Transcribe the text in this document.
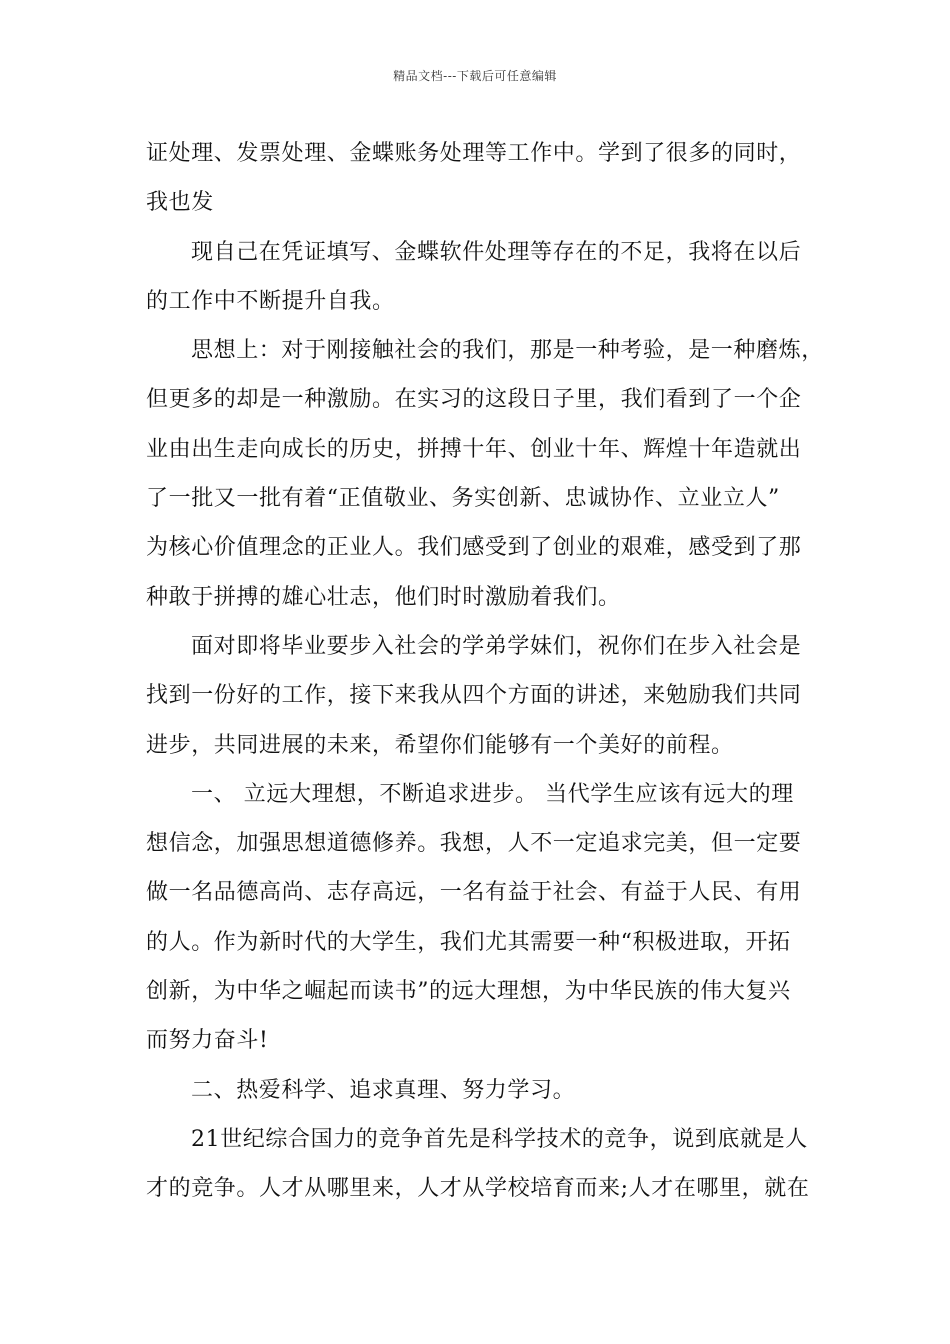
精品文档---下载后可任意编辑
证处理、发票处理、金蝶账务处理等工作中。学到了很多的同时，
我也发
现自己在凭证填写、金蝶软件处理等存在的不足，我将在以后
的工作中不断提升自我。
思想上：对于刚接触社会的我们，那是一种考验，是一种磨炼，
但更多的却是一种激励。在实习的这段日子里，我们看到了一个企
业由出生走向成长的历史，拼搏十年、创业十年、辉煌十年造就出
了一批又一批有着“正值敬业、务实创新、忠诚协作、立业立人”
为核心价值理念的正业人。我们感受到了创业的艰难，感受到了那
种敢于拼搏的雄心壮志，他们时时激励着我们。
面对即将毕业要步入社会的学弟学妹们，祝你们在步入社会是
找到一份好的工作，接下来我从四个方面的讲述，来勉励我们共同
进步，共同进展的未来，希望你们能够有一个美好的前程。
一、 立远大理想，不断追求进步。 当代学生应该有远大的理
想信念，加强思想道德修养。我想，人不一定追求完美，但一定要
做一名品德高尚、志存高远，一名有益于社会、有益于人民、有用
的人。作为新时代的大学生，我们尤其需要一种“积极进取，开拓
创新，为中华之崛起而读书”的远大理想，为中华民族的伟大复兴
而努力奋斗!
二、热爱科学、追求真理、努力学习。
21世纪综合国力的竞争首先是科学技术的竞争，说到底就是人
才的竞争。人才从哪里来，人才从学校培育而来;人才在哪里，就在
